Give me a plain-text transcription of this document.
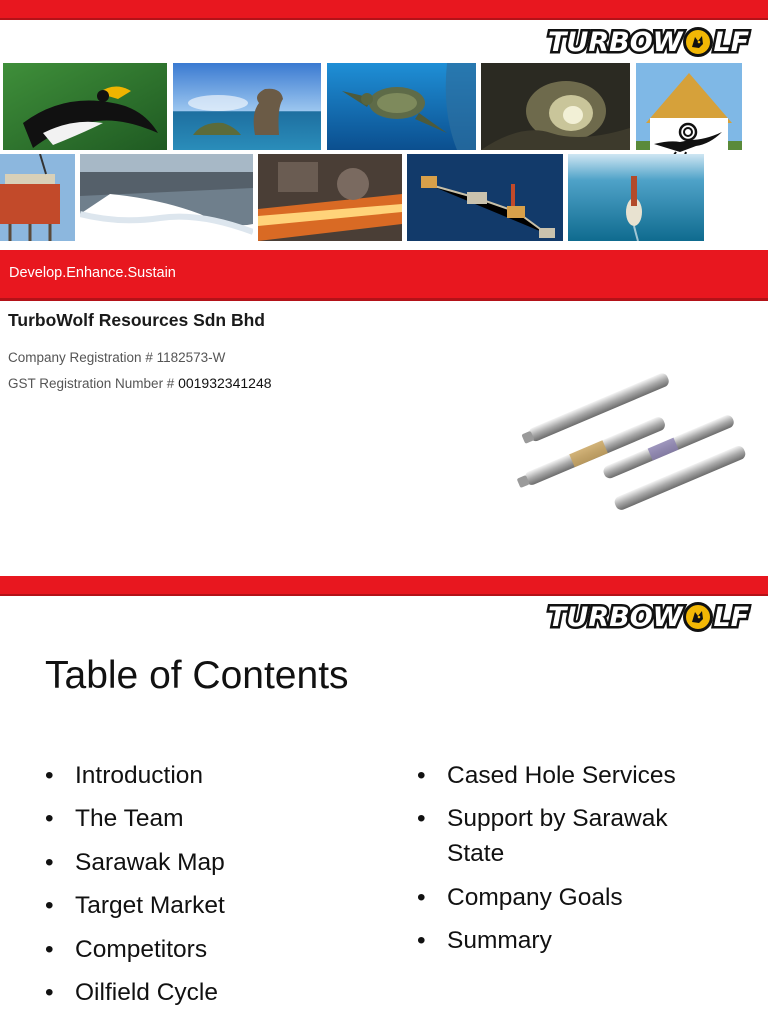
TURBOW LF
Develop.Enhance.Sustain
TurboWolf Resources Sdn Bhd
Company Registration # 1182573-W
GST Registration Number # 001932341248
TURBOW LF
Table of Contents
• Introduction
• The Team
• Sarawak Map
• Target Market
• Competitors
• Oilfield Cycle
• Cased Hole Services
• Support by Sarawak State
• Company Goals
• Summary
